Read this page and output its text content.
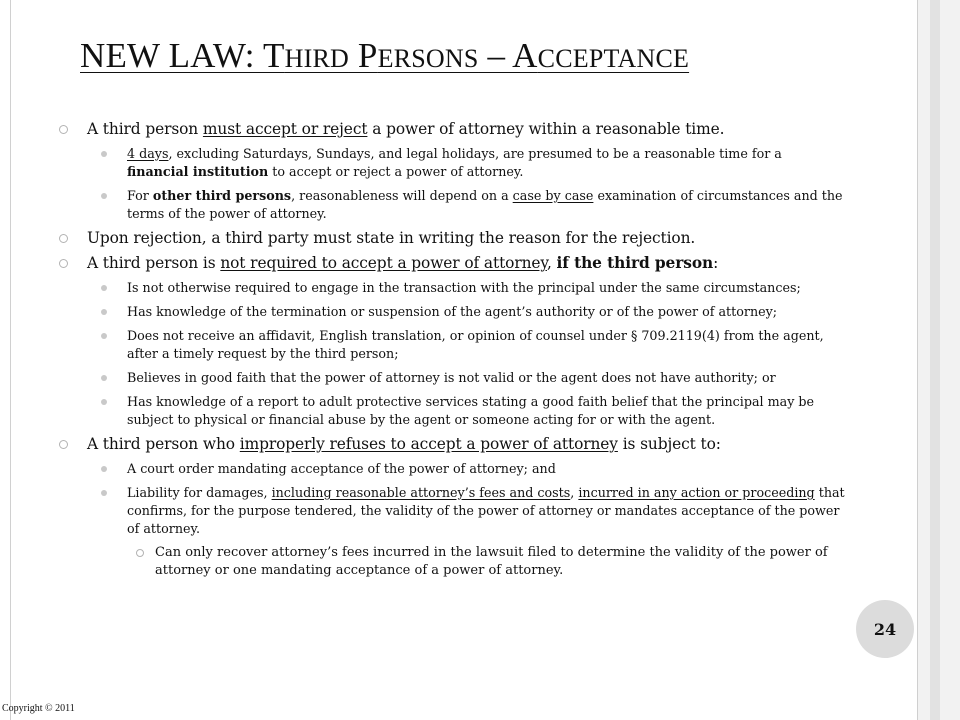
NEW LAW: THIRD PERSONS – ACCEPTANCE
A third person must accept or reject a power of attorney within a reasonable time.
4 days, excluding Saturdays, Sundays, and legal holidays, are presumed to be a reasonable time for a financial institution to accept or reject a power of attorney.
For other third persons, reasonableness will depend on a case by case examination of circumstances and the terms of the power of attorney.
Upon rejection, a third party must state in writing the reason for the rejection.
A third person is not required to accept a power of attorney, if the third person:
Is not otherwise required to engage in the transaction with the principal under the same circumstances;
Has knowledge of the termination or suspension of the agent’s authority or of the power of attorney;
Does not receive an affidavit, English translation, or opinion of counsel under § 709.2119(4) from the agent, after a timely request by the third person;
Believes in good faith that the power of attorney is not valid or the agent does not have authority; or
Has knowledge of a report to adult protective services stating a good faith belief that the principal may be subject to physical or financial abuse by the agent or someone acting for or with the agent.
A third person who improperly refuses to accept a power of attorney is subject to:
A court order mandating acceptance of the power of attorney; and
Liability for damages, including reasonable attorney’s fees and costs, incurred in any action or proceeding that confirms, for the purpose tendered, the validity of the power of attorney or mandates acceptance of the power of attorney.
Can only recover attorney’s fees incurred in the lawsuit filed to determine the validity of the power of attorney or one mandating acceptance of a power of attorney.
24
Copyright © 2011
